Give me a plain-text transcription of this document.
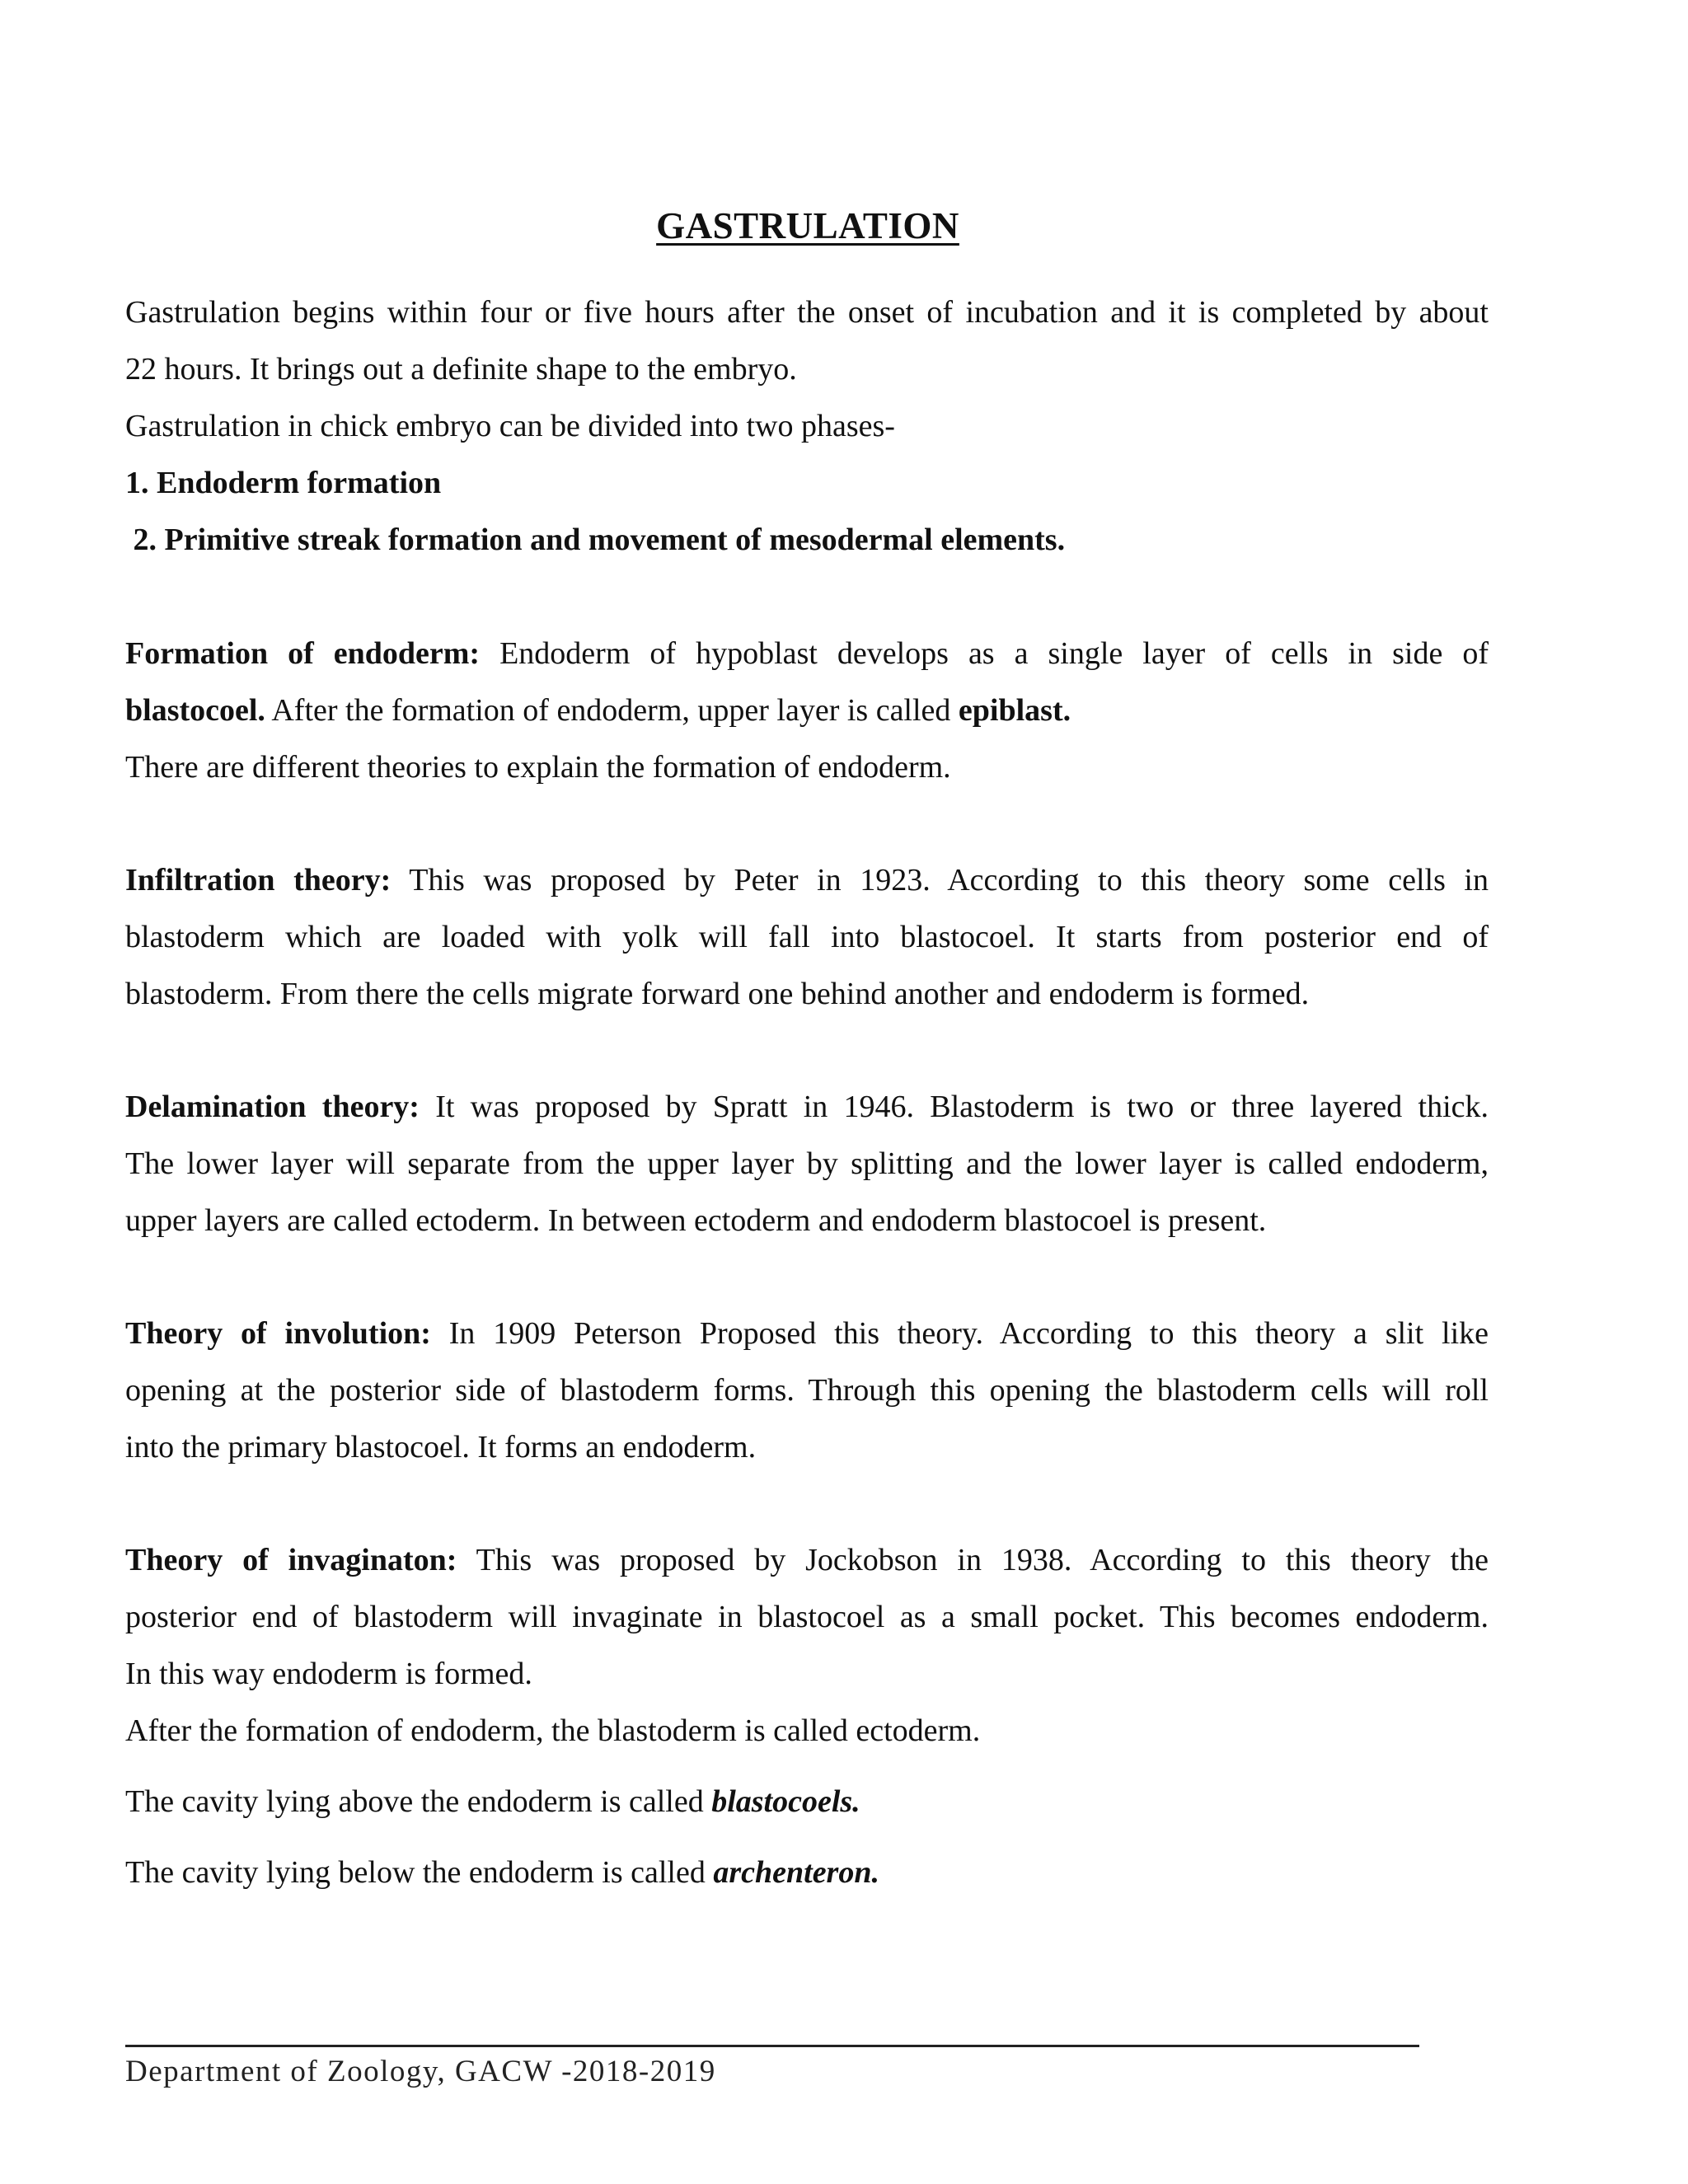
GASTRULATION
Gastrulation begins within four or five hours after the onset of incubation and it is completed by about
22 hours. It brings out a definite shape to the embryo.
Gastrulation in chick embryo can be divided into two phases-
1. Endoderm formation
2. Primitive streak formation and movement of mesodermal elements.
Formation of endoderm: Endoderm of hypoblast develops as a single layer of cells in side of
blastocoel. After the formation of endoderm, upper layer is called epiblast.
There are different theories to explain the formation of endoderm.
Infiltration theory: This was proposed by Peter in 1923. According to this theory some cells in
blastoderm which are loaded with yolk will fall into blastocoel. It starts from posterior end of
blastoderm. From there the cells migrate forward one behind another and endoderm is formed.
Delamination theory: It was proposed by Spratt in 1946. Blastoderm is two or three layered thick.
The lower layer will separate from the upper layer by splitting and the lower layer is called endoderm,
upper layers are called ectoderm. In between ectoderm and endoderm blastocoel is present.
Theory of involution: In 1909 Peterson Proposed this theory. According to this theory a slit like
opening at the posterior side of blastoderm forms. Through this opening the blastoderm cells will roll
into the primary blastocoel. It forms an endoderm.
Theory of invaginaton: This was proposed by Jockobson in 1938. According to this theory the
posterior end of blastoderm will invaginate in blastocoel as a small pocket. This becomes endoderm.
In this way endoderm is formed.
After the formation of endoderm, the blastoderm is called ectoderm.
The cavity lying above the endoderm is called blastocoels.
The cavity lying below the endoderm is called archenteron.
Department of Zoology, GACW -2018-2019
